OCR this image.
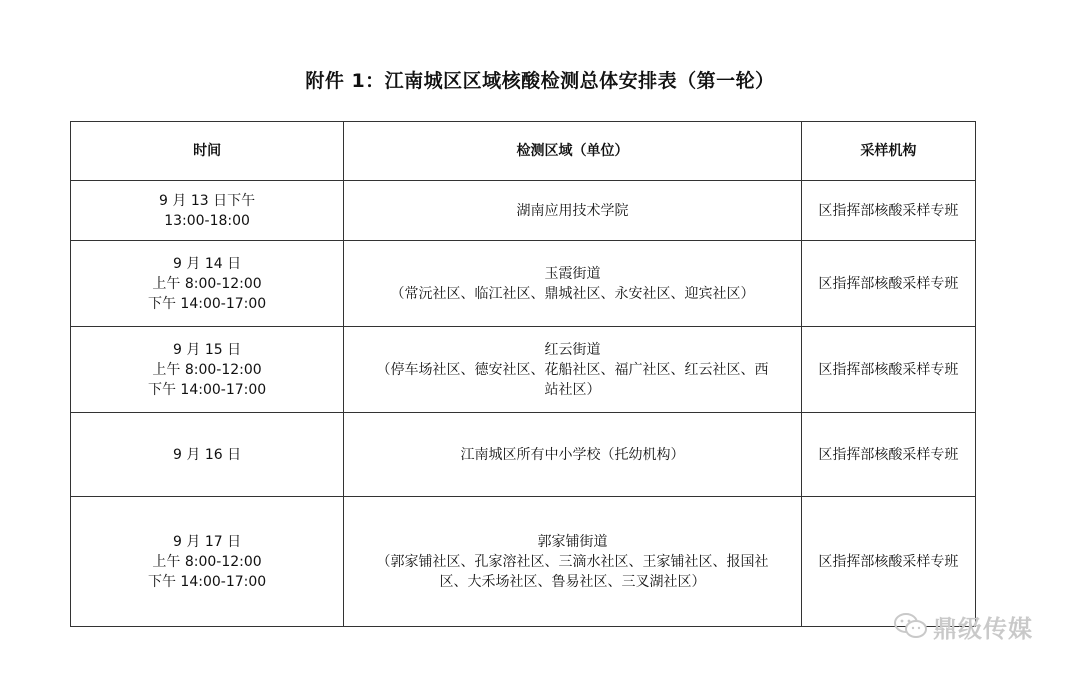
附件 1：江南城区区域核酸检测总体安排表（第一轮）
时间	检测区域（单位）	采样机构

9 月 13 日下午
13:00-18:00	湖南应用技术学院	区指挥部核酸采样专班

9 月 14 日
上午 8:00-12:00
下午 14:00-17:00	玉霞街道
（常沅社区、临江社区、鼎城社区、永安社区、迎宾社区）	区指挥部核酸采样专班

9 月 15 日
上午 8:00-12:00
下午 14:00-17:00	红云街道
（停车场社区、德安社区、花船社区、福广社区、红云社区、西
站社区）	区指挥部核酸采样专班

9 月 16 日	江南城区所有中小学校（托幼机构）	区指挥部核酸采样专班

9 月 17 日
上午 8:00-12:00
下午 14:00-17:00	郭家铺街道
（郭家铺社区、孔家溶社区、三滴水社区、王家铺社区、报国社
区、大禾场社区、鲁易社区、三叉湖社区）	区指挥部核酸采样专班
鼎级传媒
